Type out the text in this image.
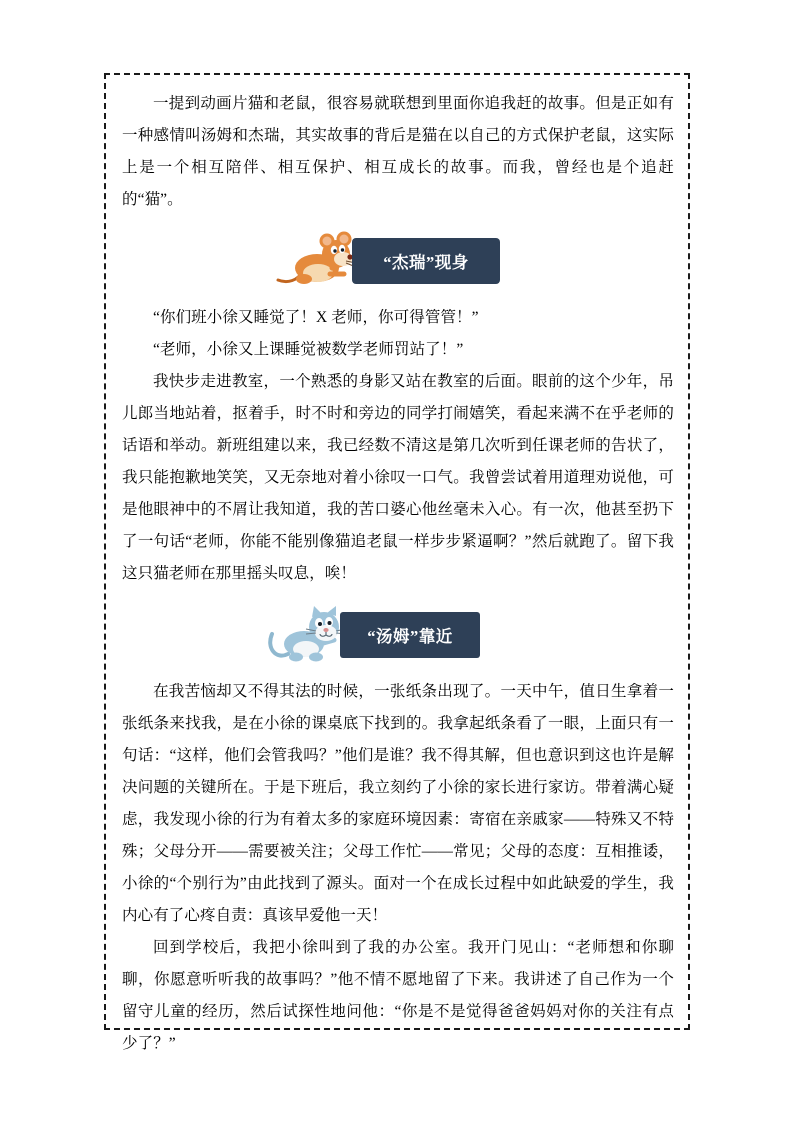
一提到动画片猫和老鼠，很容易就联想到里面你追我赶的故事。但是正如有一种感情叫汤姆和杰瑞，其实故事的背后是猫在以自己的方式保护老鼠，这实际上是一个相互陪伴、相互保护、相互成长的故事。而我，曾经也是个追赶的“猫”。

“杰瑞”现身

“你们班小徐又睡觉了！X 老师，你可得管管！”

“老师，小徐又上课睡觉被数学老师罚站了！”

我快步走进教室，一个熟悉的身影又站在教室的后面。眼前的这个少年，吊儿郎当地站着，抠着手，时不时和旁边的同学打闹嬉笑，看起来满不在乎老师的话语和举动。新班组建以来，我已经数不清这是第几次听到任课老师的告状了，我只能抱歉地笑笑，又无奈地对着小徐叹一口气。我曾尝试着用道理劝说他，可是他眼神中的不屑让我知道，我的苦口婆心他丝毫未入心。有一次，他甚至扔下了一句话“老师，你能不能别像猫追老鼠一样步步紧逼啊？”然后就跑了。留下我这只猫老师在那里摇头叹息，唉！

“汤姆”靠近

在我苦恼却又不得其法的时候，一张纸条出现了。一天中午，值日生拿着一张纸条来找我，是在小徐的课桌底下找到的。我拿起纸条看了一眼，上面只有一句话：“这样，他们会管我吗？”他们是谁？我不得其解，但也意识到这也许是解决问题的关键所在。于是下班后，我立刻约了小徐的家长进行家访。带着满心疑虑，我发现小徐的行为有着太多的家庭环境因素：寄宿在亲戚家——特殊又不特殊；父母分开——需要被关注；父母工作忙——常见；父母的态度：互相推诿，小徐的“个别行为”由此找到了源头。面对一个在成长过程中如此缺爱的学生，我内心有了心疼自责：真该早爱他一天！

回到学校后，我把小徐叫到了我的办公室。我开门见山：“老师想和你聊聊，你愿意听听我的故事吗？”他不情不愿地留了下来。我讲述了自己作为一个留守儿童的经历，然后试探性地问他：“你是不是觉得爸爸妈妈对你的关注有点少了？”
